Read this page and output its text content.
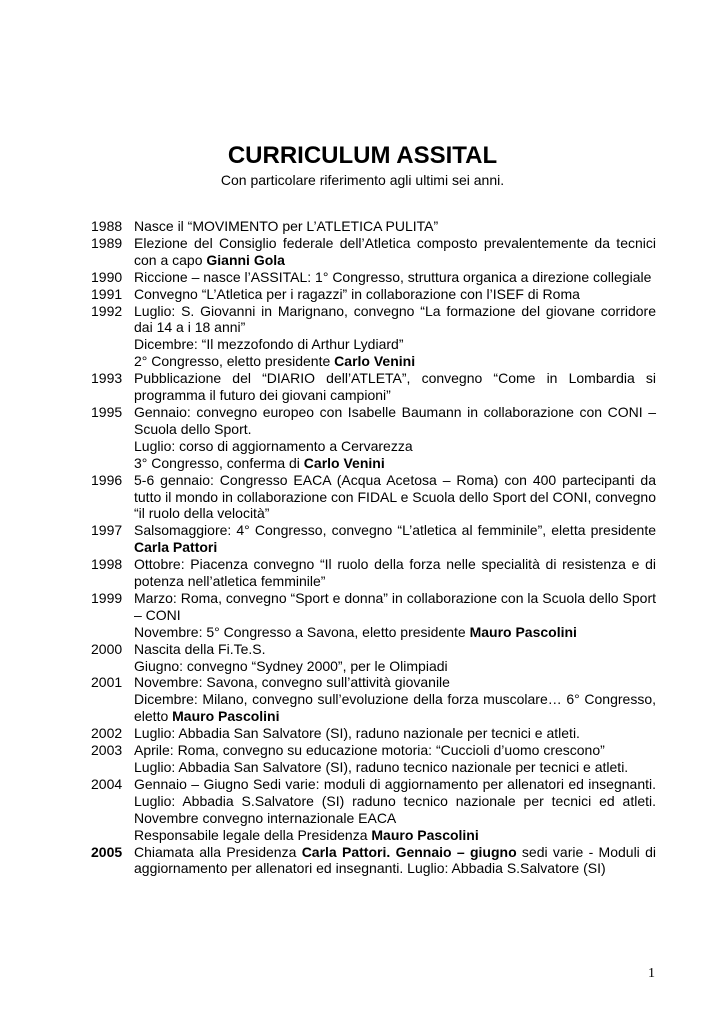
CURRICULUM ASSITAL
Con particolare riferimento agli ultimi sei anni.
1988 Nasce il “MOVIMENTO per L’ATLETICA PULITA”

1989 Elezione del Consiglio federale dell’Atletica composto prevalentemente da tecnici con a capo Gianni Gola

1990 Riccione – nasce l’ASSITAL: 1° Congresso, struttura organica a direzione collegiale

1991 Convegno “L’Atletica per i ragazzi” in collaborazione con l’ISEF di Roma

1992 Luglio: S. Giovanni in Marignano, convegno “La formazione del giovane corridore dai 14 a i 18 anni”

Dicembre: “Il mezzofondo di Arthur Lydiard”

2° Congresso, eletto presidente Carlo Venini

1993 Pubblicazione del “DIARIO dell’ATLETA”, convegno “Come in Lombardia si programma il futuro dei giovani campioni”

1995 Gennaio: convegno europeo con Isabelle Baumann in collaborazione con CONI – Scuola dello Sport.

Luglio: corso di aggiornamento a Cervarezza

3° Congresso, conferma di Carlo Venini

1996 5-6 gennaio: Congresso EACA (Acqua Acetosa – Roma) con 400 partecipanti da tutto il mondo in collaborazione con FIDAL e Scuola dello Sport del CONI, convegno “il ruolo della velocità”

1997 Salsomaggiore: 4° Congresso, convegno “L’atletica al femminile”, eletta presidente Carla Pattori

1998 Ottobre: Piacenza convegno “Il ruolo della forza nelle specialità di resistenza e di potenza nell’atletica femminile”

1999 Marzo: Roma, convegno “Sport e donna” in collaborazione con la Scuola dello Sport – CONI

Novembre: 5° Congresso a Savona, eletto presidente Mauro Pascolini

2000 Nascita della Fi.Te.S.

Giugno: convegno “Sydney 2000”, per le Olimpiadi

2001 Novembre: Savona, convegno sull’attività giovanile

Dicembre: Milano, convegno sull’evoluzione della forza muscolare… 6° Congresso, eletto Mauro Pascolini

2002 Luglio: Abbadia San Salvatore (SI), raduno nazionale per tecnici e atleti.

2003 Aprile: Roma, convegno su educazione motoria: “Cuccioli d’uomo crescono”

Luglio: Abbadia San Salvatore (SI), raduno tecnico nazionale per tecnici e atleti.

2004 Gennaio – Giugno Sedi varie: moduli di aggiornamento per allenatori ed insegnanti. Luglio: Abbadia S.Salvatore (SI) raduno tecnico nazionale per tecnici ed atleti. Novembre convegno internazionale EACA

Responsabile legale della Presidenza Mauro Pascolini

2005 Chiamata alla Presidenza Carla Pattori. Gennaio – giugno sedi varie - Moduli di aggiornamento per allenatori ed insegnanti. Luglio: Abbadia S.Salvatore (SI)

1
